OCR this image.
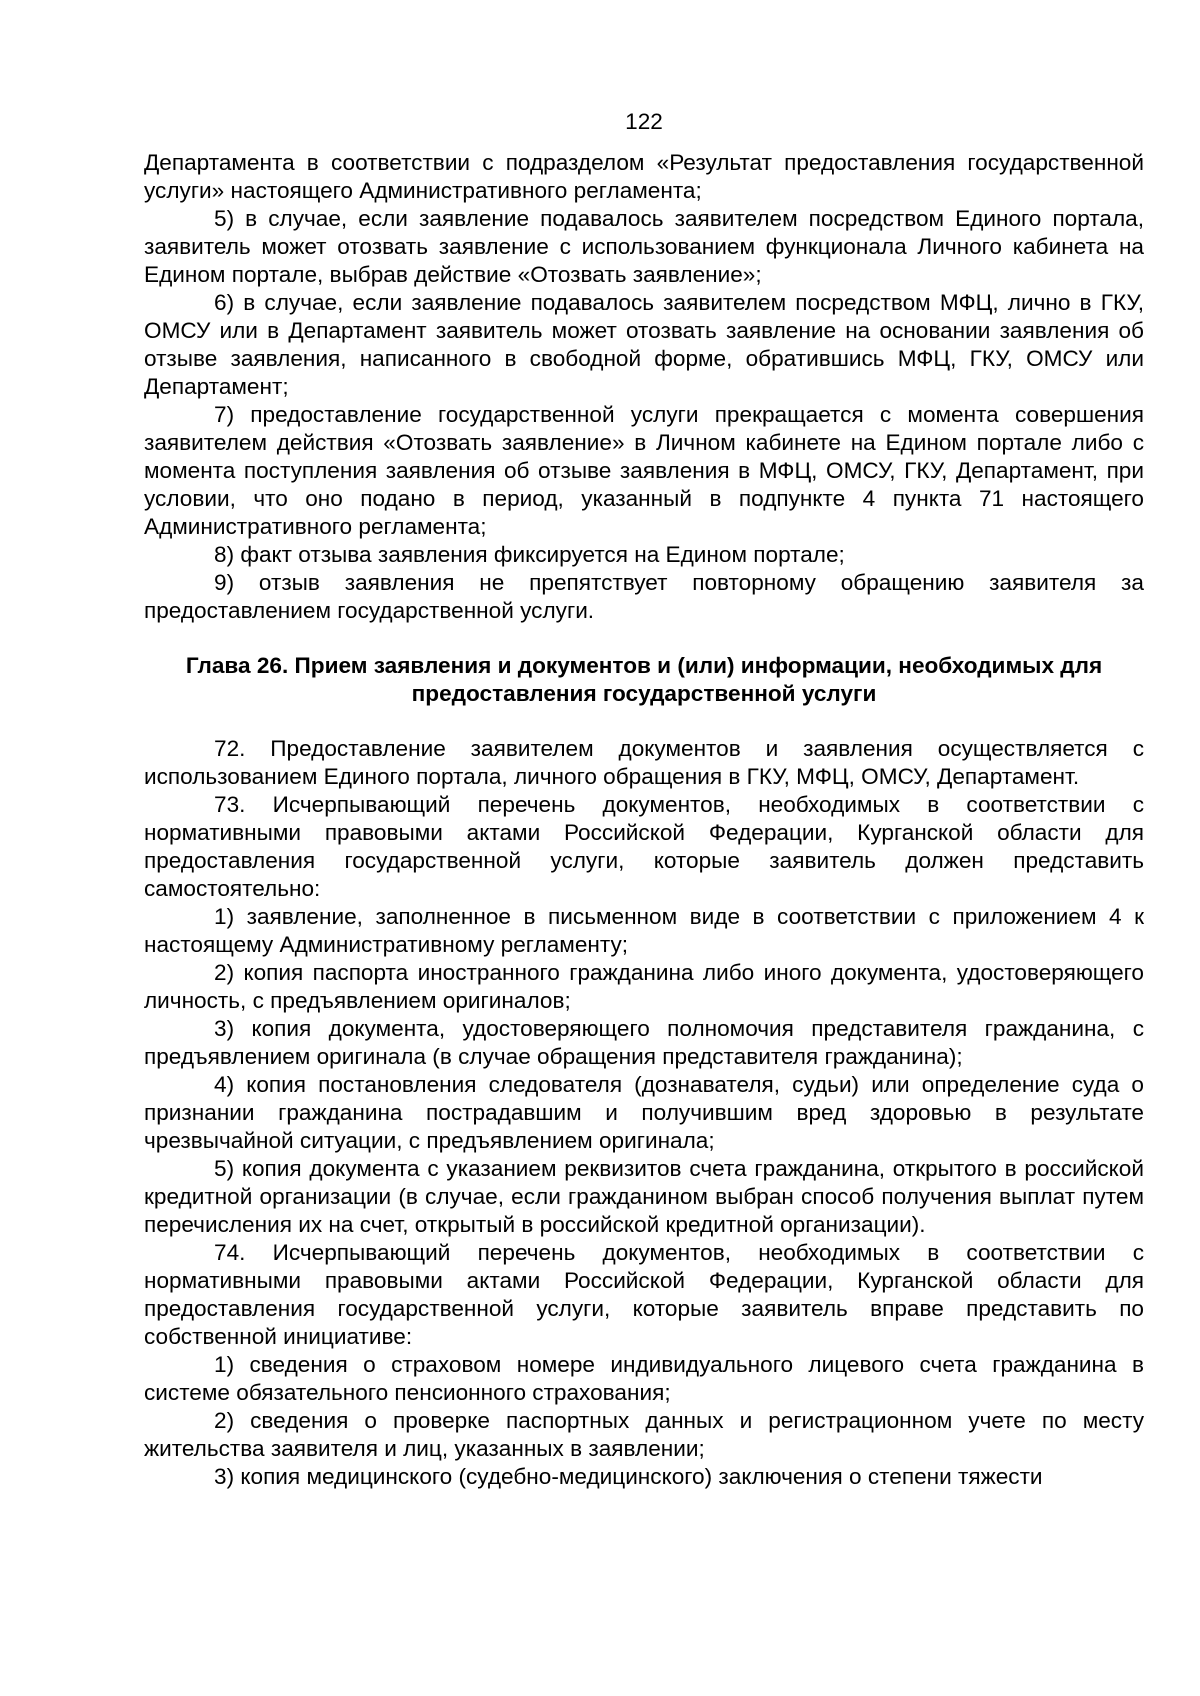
122

Департамента в соответствии с подразделом «Результат предоставления государственной услуги» настоящего Административного регламента;

5) в случае, если заявление подавалось заявителем посредством Единого портала, заявитель может отозвать заявление с использованием функционала Личного кабинета на Едином портале, выбрав действие «Отозвать заявление»;

6) в случае, если заявление подавалось заявителем посредством МФЦ, лично в ГКУ, ОМСУ или в Департамент заявитель может отозвать заявление на основании заявления об отзыве заявления, написанного в свободной форме, обратившись МФЦ, ГКУ, ОМСУ или Департамент;

7) предоставление государственной услуги прекращается с момента совершения заявителем действия «Отозвать заявление» в Личном кабинете на Едином портале либо с момента поступления заявления об отзыве заявления в МФЦ, ОМСУ, ГКУ, Департамент, при условии, что оно подано в период, указанный в подпункте 4 пункта 71 настоящего Административного регламента;

8) факт отзыва заявления фиксируется на Едином портале;

9) отзыв заявления не препятствует повторному обращению заявителя за предоставлением государственной услуги.

Глава 26. Прием заявления и документов и (или) информации, необходимых для предоставления государственной услуги

72. Предоставление заявителем документов и заявления осуществляется с использованием Единого портала, личного обращения в ГКУ, МФЦ, ОМСУ, Департамент.

73. Исчерпывающий перечень документов, необходимых в соответствии с нормативными правовыми актами Российской Федерации, Курганской области для предоставления государственной услуги, которые заявитель должен представить самостоятельно:

1) заявление, заполненное в письменном виде в соответствии с приложением 4 к настоящему Административному регламенту;

2) копия паспорта иностранного гражданина либо иного документа, удостоверяющего личность, с предъявлением оригиналов;

3) копия документа, удостоверяющего полномочия представителя гражданина, с предъявлением оригинала (в случае обращения представителя гражданина);

4) копия постановления следователя (дознавателя, судьи) или определение суда о признании гражданина пострадавшим и получившим вред здоровью в результате чрезвычайной ситуации, с предъявлением оригинала;

5) копия документа с указанием реквизитов счета гражданина, открытого в российской кредитной организации (в случае, если гражданином выбран способ получения выплат путем перечисления их на счет, открытый в российской кредитной организации).

74. Исчерпывающий перечень документов, необходимых в соответствии с нормативными правовыми актами Российской Федерации, Курганской области для предоставления государственной услуги, которые заявитель вправе представить по собственной инициативе:

1) сведения о страховом номере индивидуального лицевого счета гражданина в системе обязательного пенсионного страхования;

2) сведения о проверке паспортных данных и регистрационном учете по месту жительства заявителя и лиц, указанных в заявлении;

3) копия медицинского (судебно-медицинского) заключения о степени тяжести
